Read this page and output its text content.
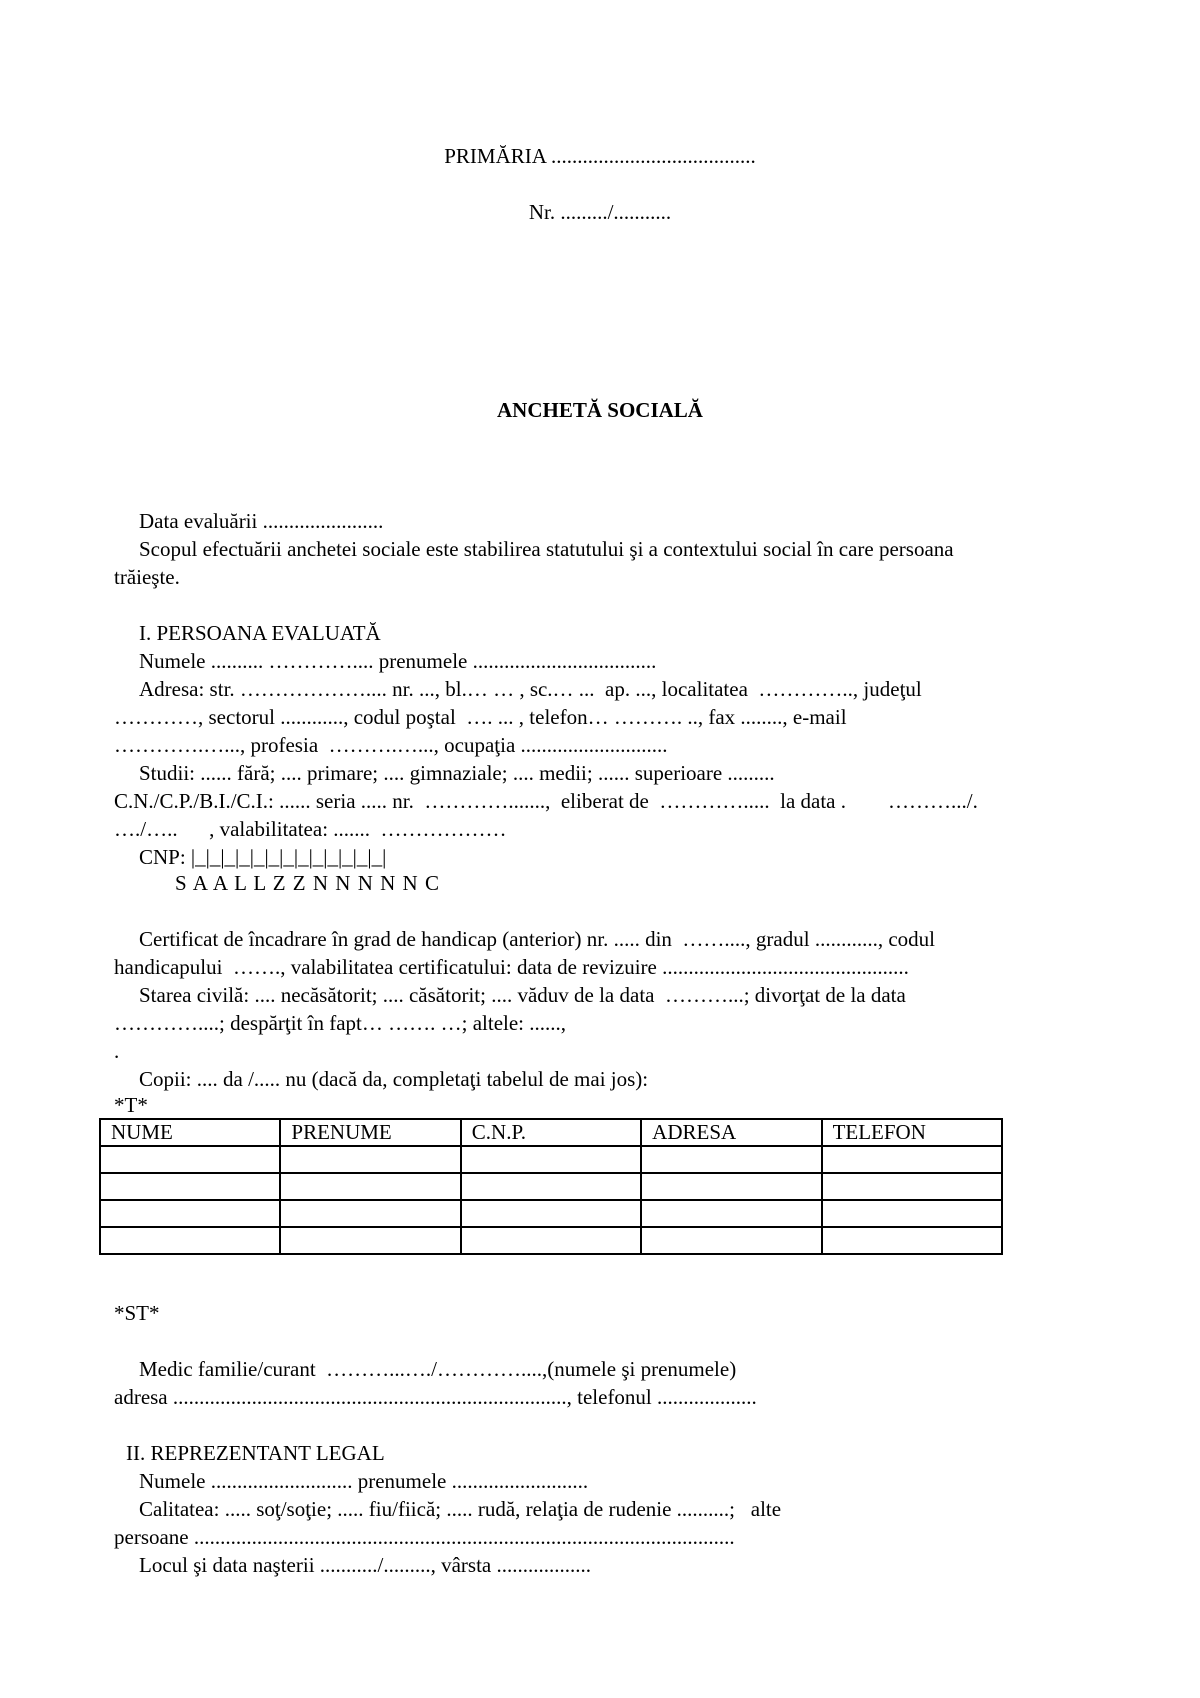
PRIMĂRIA .......................................
Nr. ........./...........
ANCHETĂ SOCIALĂ
Data evaluării .......................
Scopul efectuării anchetei sociale este stabilirea statutului şi a contextului social în care persoana
trăieşte.
I. PERSOANA EVALUATĂ
Numele .......... ………….... prenumele ...................................
Adresa: str. ……………….... nr. ..., bl.… … , sc.… ...  ap. ..., localitatea  ………….., judeţul
…………, sectorul ............, codul poştal  …. ... , telefon… ………. .., fax ........, e-mail
………….…..., profesia  ……….…..., ocupaţia ............................
Studii: ...... fără; .... primare; .... gimnaziale; .... medii; ...... superioare .........
C.N./C.P./B.I./C.I.: ...... seria ..... nr.  ………….......,  eliberat de  ………….....  la data .        ……….../.
…./…..      , valabilitatea: .......  ………………
CNP: |_|_|_|_|_|_|_|_|_|_|_|_|_|
S A A L L Z Z N N N N N C
Certificat de încadrare în grad de handicap (anterior) nr. ..... din  ……...., gradul ............, codul
handicapului  ……., valabilitatea certificatului: data de revizuire ...............................................
Starea civilă: .... necăsătorit; .... căsătorit; .... văduv de la data  ………...; divorţat de la data
…………....; despărţit în fapt… ……. …; altele: ......,
.
Copii: .... da /..... nu (dacă da, completaţi tabelul de mai jos):
*T*
NUME	PRENUME	C.N.P.	ADRESA	TELEFON

*ST*
Medic familie/curant  ………...…./…………....,(numele şi prenumele)
adresa ..........................................................................., telefonul ...................
II. REPREZENTANT LEGAL
Numele ........................... prenumele ..........................
Calitatea: ..... soţ/soţie; ..... fiu/fiică; ..... rudă, relaţia de rudenie ..........;   alte
persoane .......................................................................................................
Locul şi data naşterii .........../........., vârsta ..................
